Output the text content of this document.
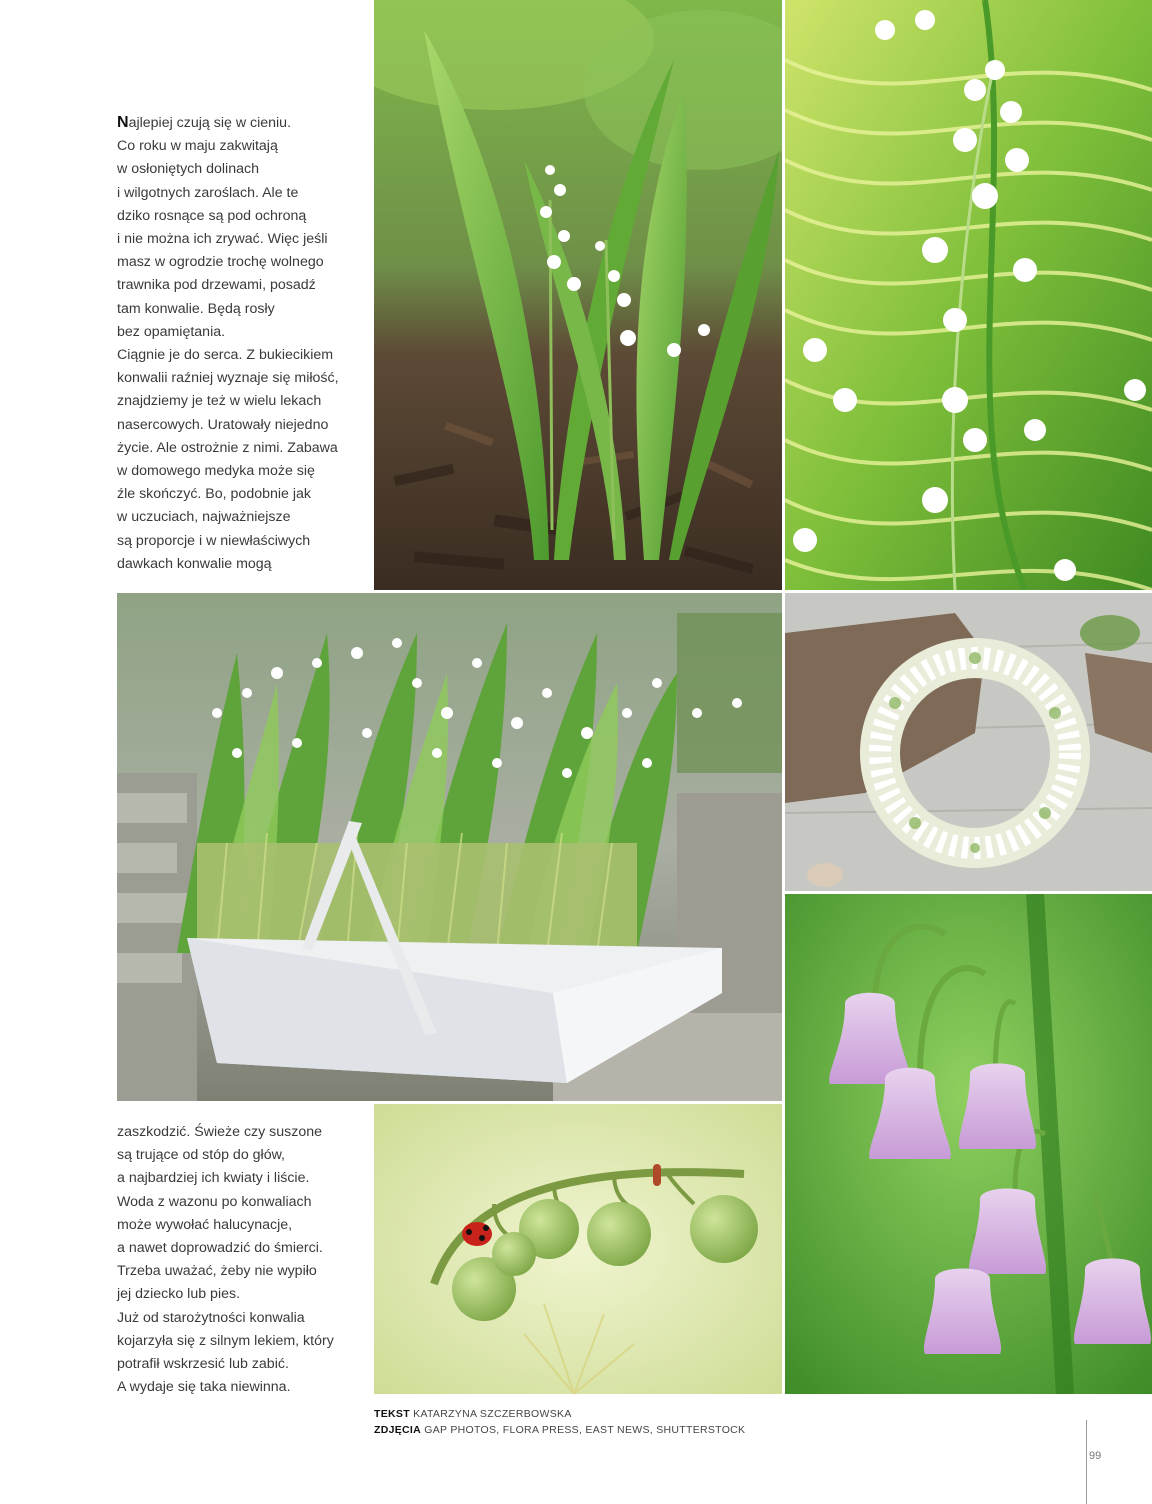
Najlepiej czują się w cieniu.
Co roku w maju zakwitają
w osłoniętych dolinach
i wilgotnych zaroślach. Ale te
dziko rosnące są pod ochroną
i nie można ich zrywać. Więc jeśli
masz w ogrodzie trochę wolnego
trawnika pod drzewami, posadź
tam konwalie. Będą rosły
bez opamiętania.
Ciągnie je do serca. Z bukiecikiem
konwalii raźniej wyznaje się miłość,
znajdziemy je też w wielu lekach
nasercowych. Uratowały niejedno
życie. Ale ostrożnie z nimi. Zabawa
w domowego medyka może się
źle skończyć. Bo, podobnie jak
w uczuciach, najważniejsze
są proporcje i w niewłaściwych
dawkach konwalie mogą

zaszkodzić. Świeże czy suszone
są trujące od stóp do głów,
a najbardziej ich kwiaty i liście.
Woda z wazonu po konwaliach
może wywołać halucynacje,
a nawet doprowadzić do śmierci.
Trzeba uważać, żeby nie wypiło
jej dziecko lub pies.
Już od starożytności konwalia
kojarzyła się z silnym lekiem, który
potrafił wskrzesić lub zabić.
A wydaje się taka niewinna.

TEKST KATARZYNA SZCZERBOWSKA
ZDJĘCIA GAP PHOTOS, FLORA PRESS, EAST NEWS, SHUTTERSTOCK
99
